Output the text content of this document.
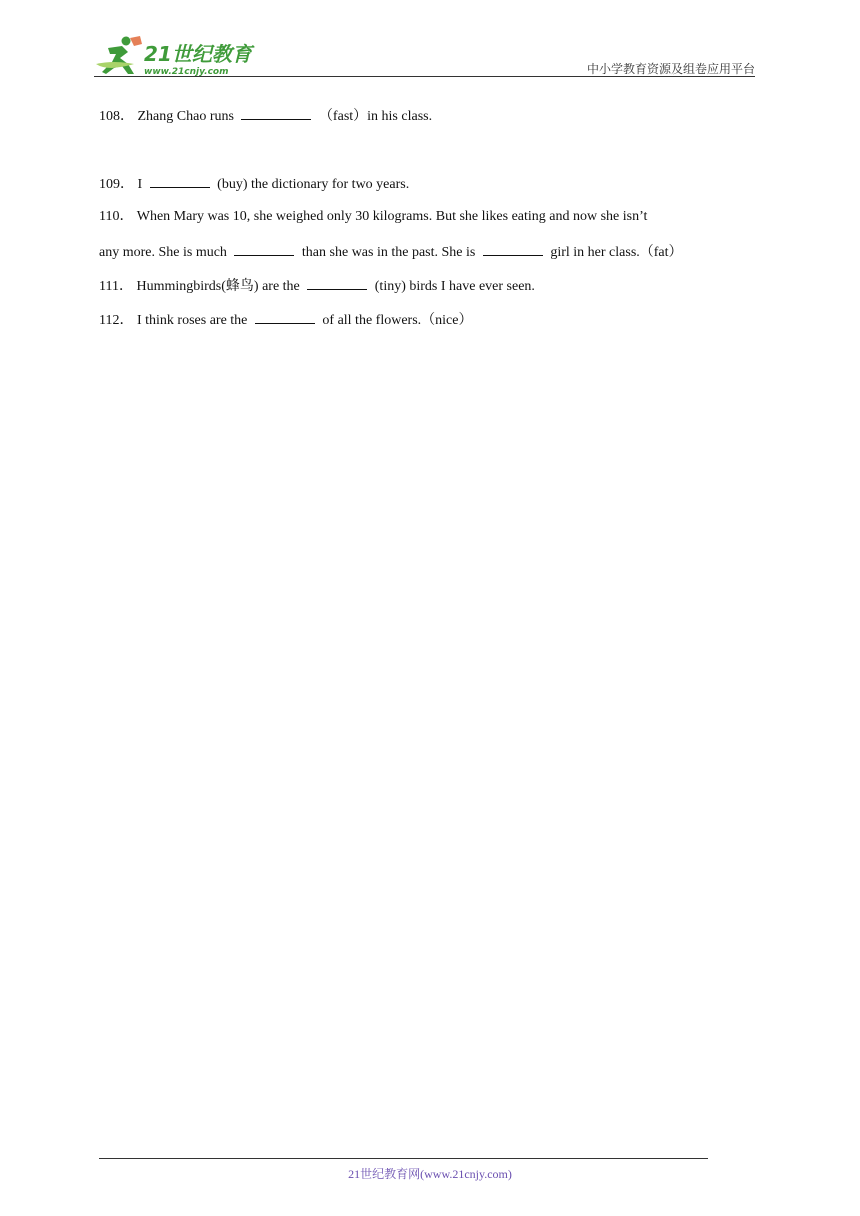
21世纪教育
www.21cnjy.com	中小学教育资源及组卷应用平台
108． Zhang Chao runs	（fast）in his class.
109． I	(buy) the dictionary for two years.
110． When Mary was 10, she weighed only 30 kilograms. But she likes eating and now she isn’t
any more. She is much	than she was in the past. She is	girl in her class.（fat）
111． Hummingbirds(蜂鸟) are the	(tiny) birds I have ever seen.
112． I think roses are the	of all the flowers.（nice）
21世纪教育网(www.21cnjy.com)
